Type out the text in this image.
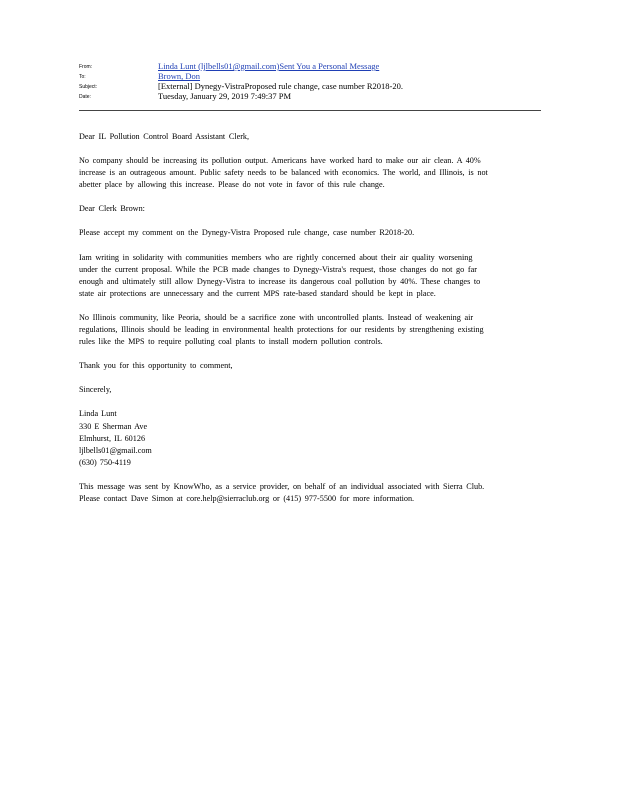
From:	Linda Lunt (ljlbells01@gmail.com)Sent You a Personal Message
To:	Brown, Don
Subject:	[External] Dynegy-VistraProposed rule change, case number R2018-20.
Date:	Tuesday, January 29, 2019 7:49:37 PM

Dear IL Pollution Control Board Assistant Clerk,

No company should be increasing its pollution output. Americans have worked hard to make our air clean. A 40%
increase is an outrageous amount. Public safety needs to be balanced with economics. The world, and Illinois, is not
abetter place by allowing this increase. Please do not vote in favor of this rule change.

Dear Clerk Brown:

Please accept my comment on the Dynegy-Vistra Proposed rule change, case number R2018-20.

Iam writing in solidarity with communities members who are rightly concerned about their air quality worsening
under the current proposal. While the PCB made changes to Dynegy-Vistra's request, those changes do not go far
enough and ultimately still allow Dynegy-Vistra to increase its dangerous coal pollution by 40%. These changes to
state air protections are unnecessary and the current MPS rate-based standard should be kept in place.

No Illinois community, like Peoria, should be a sacrifice zone with uncontrolled plants. Instead of weakening air
regulations, Illinois should be leading in environmental health protections for our residents by strengthening existing
rules like the MPS to require polluting coal plants to install modern pollution controls.

Thank you for this opportunity to comment,

Sincerely,

Linda Lunt
330 E Sherman Ave
Elmhurst, IL 60126
ljlbells01@gmail.com
(630) 750-4119

This message was sent by KnowWho, as a service provider, on behalf of an individual associated with Sierra Club.
Please contact Dave Simon at core.help@sierraclub.org or (415) 977-5500 for more information.
